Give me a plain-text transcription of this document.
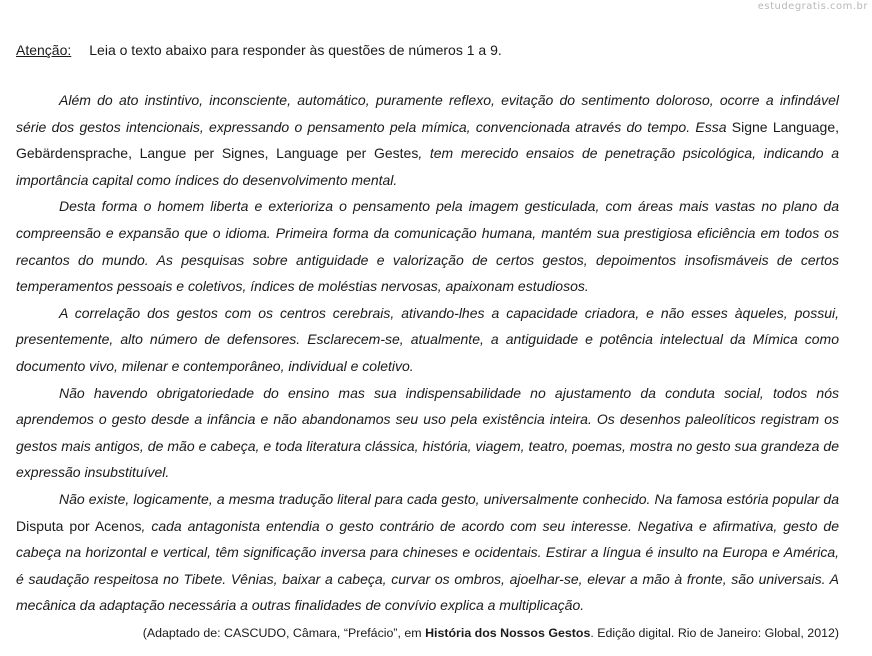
estudegratis.com.br
Atenção: Leia o texto abaixo para responder às questões de números 1 a 9.

Além do ato instintivo, inconsciente, automático, puramente reflexo, evitação do sentimento doloroso, ocorre a infindável série dos gestos intencionais, expressando o pensamento pela mímica, convencionada através do tempo. Essa Signe Language, Gebärdensprache, Langue per Signes, Language per Gestes, tem merecido ensaios de penetração psicológica, indicando a importância capital como índices do desenvolvimento mental.

Desta forma o homem liberta e exterioriza o pensamento pela imagem gesticulada, com áreas mais vastas no plano da compreensão e expansão que o idioma. Primeira forma da comunicação humana, mantém sua prestigiosa eficiência em todos os recantos do mundo. As pesquisas sobre antiguidade e valorização de certos gestos, depoimentos insofismáveis de certos temperamentos pessoais e coletivos, índices de moléstias nervosas, apaixonam estudiosos.

A correlação dos gestos com os centros cerebrais, ativando-lhes a capacidade criadora, e não esses àqueles, possui, presentemente, alto número de defensores. Esclarecem-se, atualmente, a antiguidade e potência intelectual da Mímica como documento vivo, milenar e contemporâneo, individual e coletivo.

Não havendo obrigatoriedade do ensino mas sua indispensabilidade no ajustamento da conduta social, todos nós aprendemos o gesto desde a infância e não abandonamos seu uso pela existência inteira. Os desenhos paleolíticos registram os gestos mais antigos, de mão e cabeça, e toda literatura clássica, história, viagem, teatro, poemas, mostra no gesto sua grandeza de expressão insubstituível.

Não existe, logicamente, a mesma tradução literal para cada gesto, universalmente conhecido. Na famosa estória popular da Disputa por Acenos, cada antagonista entendia o gesto contrário de acordo com seu interesse. Negativa e afirmativa, gesto de cabeça na horizontal e vertical, têm significação inversa para chineses e ocidentais. Estirar a língua é insulto na Europa e América, é saudação respeitosa no Tibete. Vênias, baixar a cabeça, curvar os ombros, ajoelhar-se, elevar a mão à fronte, são universais. A mecânica da adaptação necessária a outras finalidades de convívio explica a multiplicação.

(Adaptado de: CASCUDO, Câmara, “Prefácio”, em História dos Nossos Gestos. Edição digital. Rio de Janeiro: Global, 2012)
